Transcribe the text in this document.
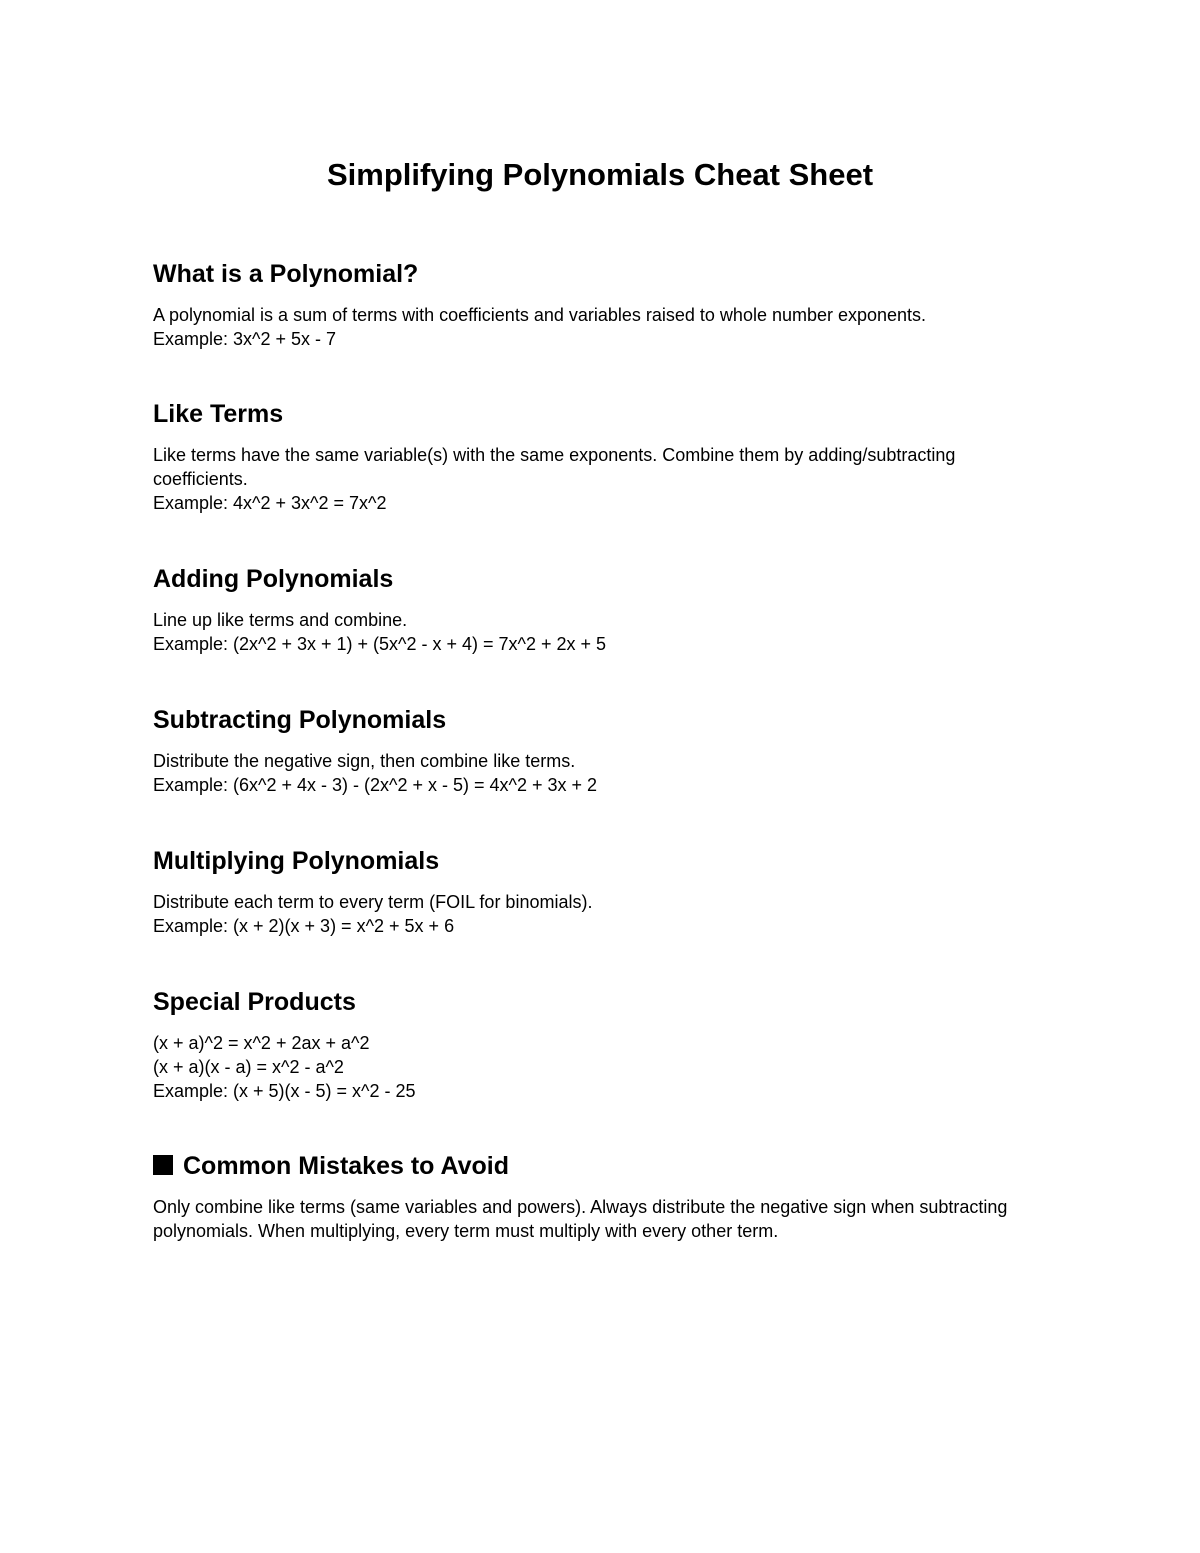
Simplifying Polynomials Cheat Sheet
What is a Polynomial?

A polynomial is a sum of terms with coefficients and variables raised to whole number exponents.

Example: 3x^2 + 5x - 7

Like Terms

Like terms have the same variable(s) with the same exponents. Combine them by adding/subtracting coefficients.

Example: 4x^2 + 3x^2 = 7x^2

Adding Polynomials

Line up like terms and combine.

Example: (2x^2 + 3x + 1) + (5x^2 - x + 4) = 7x^2 + 2x + 5

Subtracting Polynomials

Distribute the negative sign, then combine like terms.

Example: (6x^2 + 4x - 3) - (2x^2 + x - 5) = 4x^2 + 3x + 2

Multiplying Polynomials

Distribute each term to every term (FOIL for binomials).

Example: (x + 2)(x + 3) = x^2 + 5x + 6

Special Products

(x + a)^2 = x^2 + 2ax + a^2

(x + a)(x - a) = x^2 - a^2

Example: (x + 5)(x - 5) = x^2 - 25

Common Mistakes to Avoid

Only combine like terms (same variables and powers). Always distribute the negative sign when subtracting polynomials. When multiplying, every term must multiply with every other term.
